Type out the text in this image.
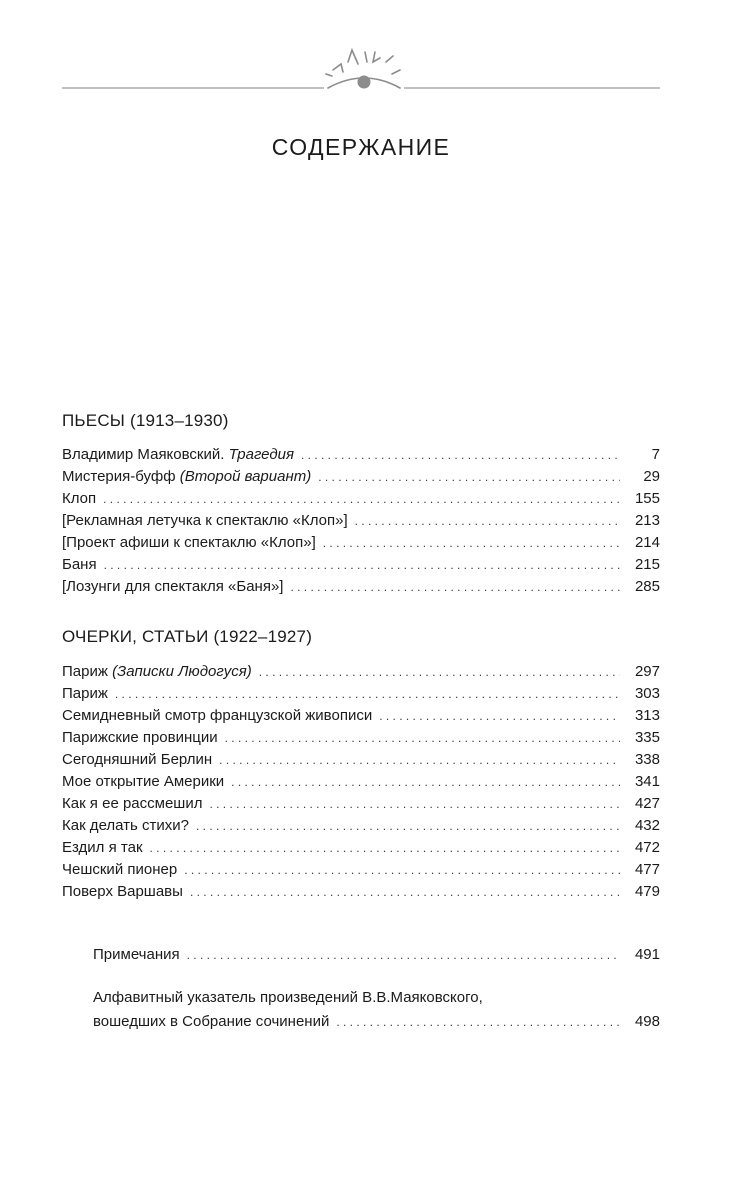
СОДЕРЖАНИЕ
ПЬЕСЫ (1913–1930)
Владимир Маяковский. Трагедия . . .	7
Мистерия-буфф (Второй вариант) . . .	29
Клоп . . .	155
[Рекламная летучка к спектаклю «Клоп»] . . .	213
[Проект афиши к спектаклю «Клоп»] . . .	214
Баня . . .	215
[Лозунги для спектакля «Баня»] . . .	285
ОЧЕРКИ, СТАТЬИ (1922–1927)
Париж (Записки Людогуся) . . .	297
Париж . . .	303
Семидневный смотр французской живописи . . .	313
Парижские провинции . . .	335
Сегодняшний Берлин . . .	338
Мое открытие Америки . . .	341
Как я ее рассмешил . . .	427
Как делать стихи? . . .	432
Ездил я так . . .	472
Чешский пионер . . .	477
Поверх Варшавы . . .	479
Примечания . . .	491
Алфавитный указатель произведений В.В.Маяковского,
вошедших в Собрание сочинений . . .	498
